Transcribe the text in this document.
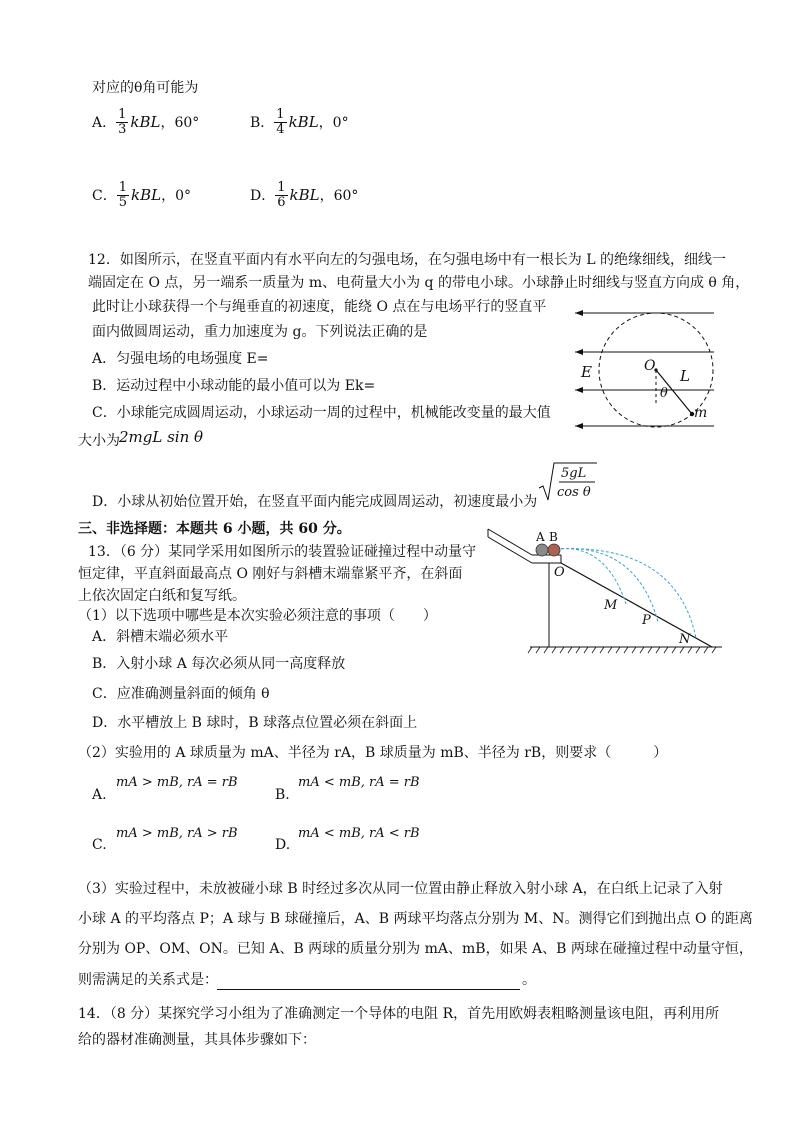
对应的θ角可能为
A． $\frac{1}{3}$ kBL ，60°	B． $\frac{1}{4}$ kBL ，0°
C． $\frac{1}{5}$ kBL ，0°	D． $\frac{1}{6}$ kBL ，60°
12．如图所示，在竖直平面内有水平向左的匀强电场，在匀强电场中有一根长为 L 的绝缘细线，细线一
端固定在 O 点，另一端系一质量为 m、电荷量大小为 q 的带电小球。小球静止时细线与竖直方向成 θ 角，
此时让小球获得一个与绳垂直的初速度，能绕 O 点在与电场平行的竖直平
面内做圆周运动，重力加速度为 g。下列说法正确的是
A．匀强电场的电场强度 E=
B．运动过程中小球动能的最小值可以为 Ek=
C．小球能完成圆周运动，小球运动一周的过程中，机械能改变量的最大值
大小为 2mgL sin θ
D．小球从初始位置开始，在竖直平面内能完成圆周运动，初速度最小为
5gL
cos θ
E	O
L
θ
m
三、非选择题：本题共 6 小题，共 60 分。
13．（6 分）某同学采用如图所示的装置验证碰撞过程中动量守
恒定律，平直斜面最高点 O 刚好与斜槽末端靠紧平齐，在斜面
上依次固定白纸和复写纸。
（1）以下选项中哪些是本次实验必须注意的事项（　　）
A．斜槽末端必须水平
B．入射小球 A 每次必须从同一高度释放
C．应准确测量斜面的倾角 θ
D．水平槽放上 B 球时，B 球落点位置必须在斜面上
（2）实验用的 A 球质量为 mA、半径为 rA，B 球质量为 mB、半径为 rB，则要求（　　　）
A.
mA > mB, rA = rB
B.
mA < mB, rA = rB
C.
mA > mB, rA > rB
D.
mA < mB, rA < rB
（3）实验过程中，未放被碰小球 B 时经过多次从同一位置由静止释放入射小球 A，在白纸上记录了入射
小球 A 的平均落点 P；A 球与 B 球碰撞后，A、B 两球平均落点分别为 M、N。测得它们到抛出点 O 的距离
分别为 OP、OM、ON。已知 A、B 两球的质量分别为 mA、mB，如果 A、B 两球在碰撞过程中动量守恒，
则需满足的关系式是：	。
A B
O
M
P
N
14．（8 分）某探究学习小组为了准确测定一个导体的电阻 R，首先用欧姆表粗略测量该电阻，再利用所
给的器材准确测量，其具体步骤如下：
